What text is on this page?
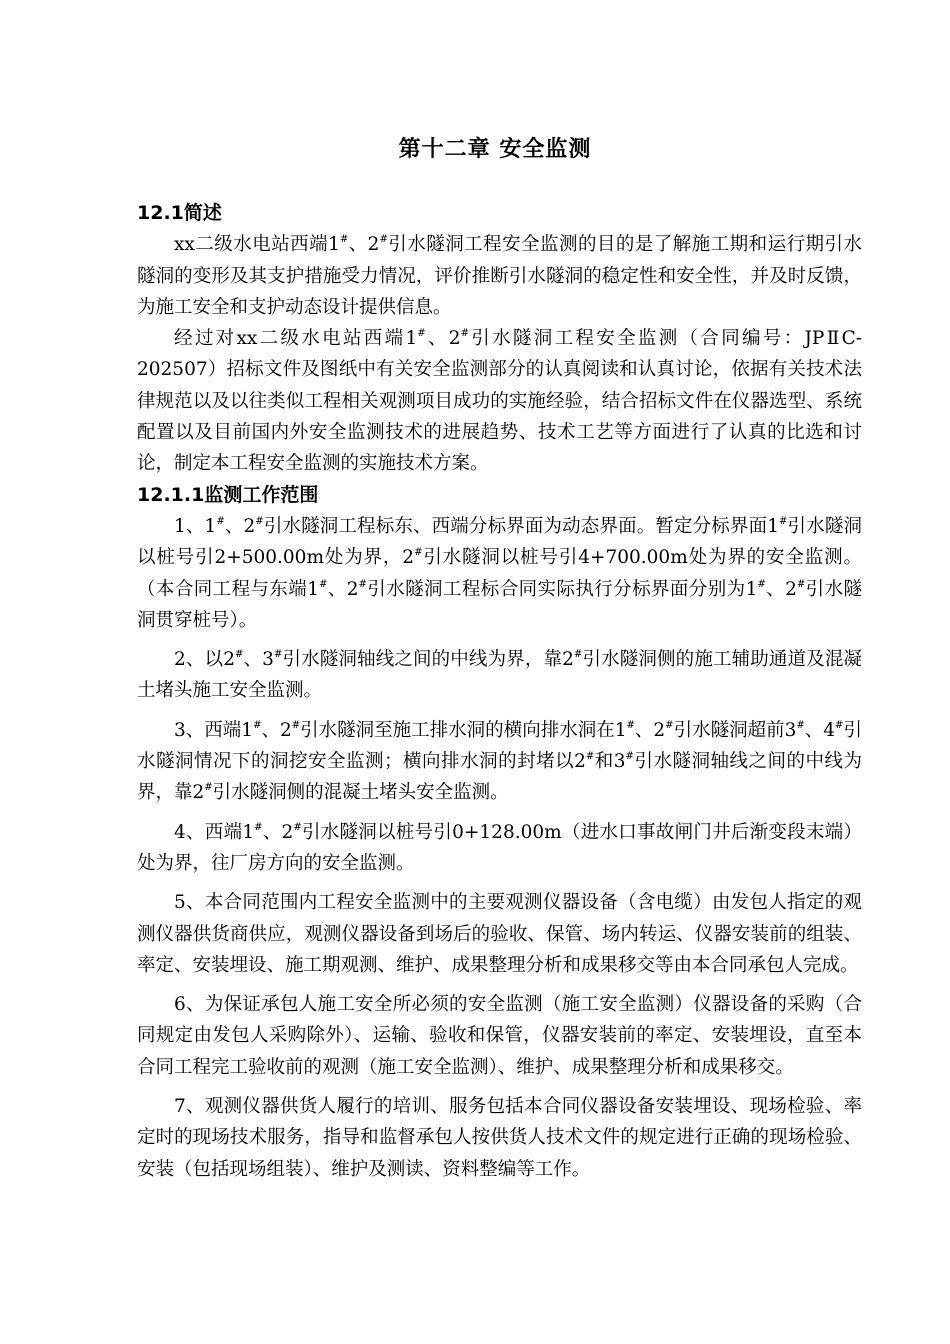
第十二章 安全监测
12.1简述

xx二级水电站西端1#、2#引水隧洞工程安全监测的目的是了解施工期和运行期引水隧洞的变形及其支护措施受力情况，评价推断引水隧洞的稳定性和安全性，并及时反馈，为施工安全和支护动态设计提供信息。

经过对xx二级水电站西端1#、2#引水隧洞工程安全监测（合同编号：JPⅡC-202507）招标文件及图纸中有关安全监测部分的认真阅读和认真讨论，依据有关技术法律规范以及以往类似工程相关观测项目成功的实施经验，结合招标文件在仪器选型、系统配置以及目前国内外安全监测技术的进展趋势、技术工艺等方面进行了认真的比选和讨论，制定本工程安全监测的实施技术方案。

12.1.1监测工作范围

1、1#、2#引水隧洞工程标东、西端分标界面为动态界面。暂定分标界面1#引水隧洞以桩号引2+500.00m处为界，2#引水隧洞以桩号引4+700.00m处为界的安全监测。（本合同工程与东端1#、2#引水隧洞工程标合同实际执行分标界面分别为1#、2#引水隧洞贯穿桩号）。

2、以2#、3#引水隧洞轴线之间的中线为界，靠2#引水隧洞侧的施工辅助通道及混凝土堵头施工安全监测。

3、西端1#、2#引水隧洞至施工排水洞的横向排水洞在1#、2#引水隧洞超前3#、4#引水隧洞情况下的洞挖安全监测；横向排水洞的封堵以2#和3#引水隧洞轴线之间的中线为界，靠2#引水隧洞侧的混凝土堵头安全监测。

4、西端1#、2#引水隧洞以桩号引0+128.00m（进水口事故闸门井后渐变段末端）处为界，往厂房方向的安全监测。

5、本合同范围内工程安全监测中的主要观测仪器设备（含电缆）由发包人指定的观测仪器供货商供应，观测仪器设备到场后的验收、保管、场内转运、仪器安装前的组装、率定、安装埋设、施工期观测、维护、成果整理分析和成果移交等由本合同承包人完成。

6、为保证承包人施工安全所必须的安全监测（施工安全监测）仪器设备的采购（合同规定由发包人采购除外）、运输、验收和保管，仪器安装前的率定、安装埋设，直至本合同工程完工验收前的观测（施工安全监测）、维护、成果整理分析和成果移交。

7、观测仪器供货人履行的培训、服务包括本合同仪器设备安装埋设、现场检验、率定时的现场技术服务，指导和监督承包人按供货人技术文件的规定进行正确的现场检验、安装（包括现场组装）、维护及测读、资料整编等工作。
